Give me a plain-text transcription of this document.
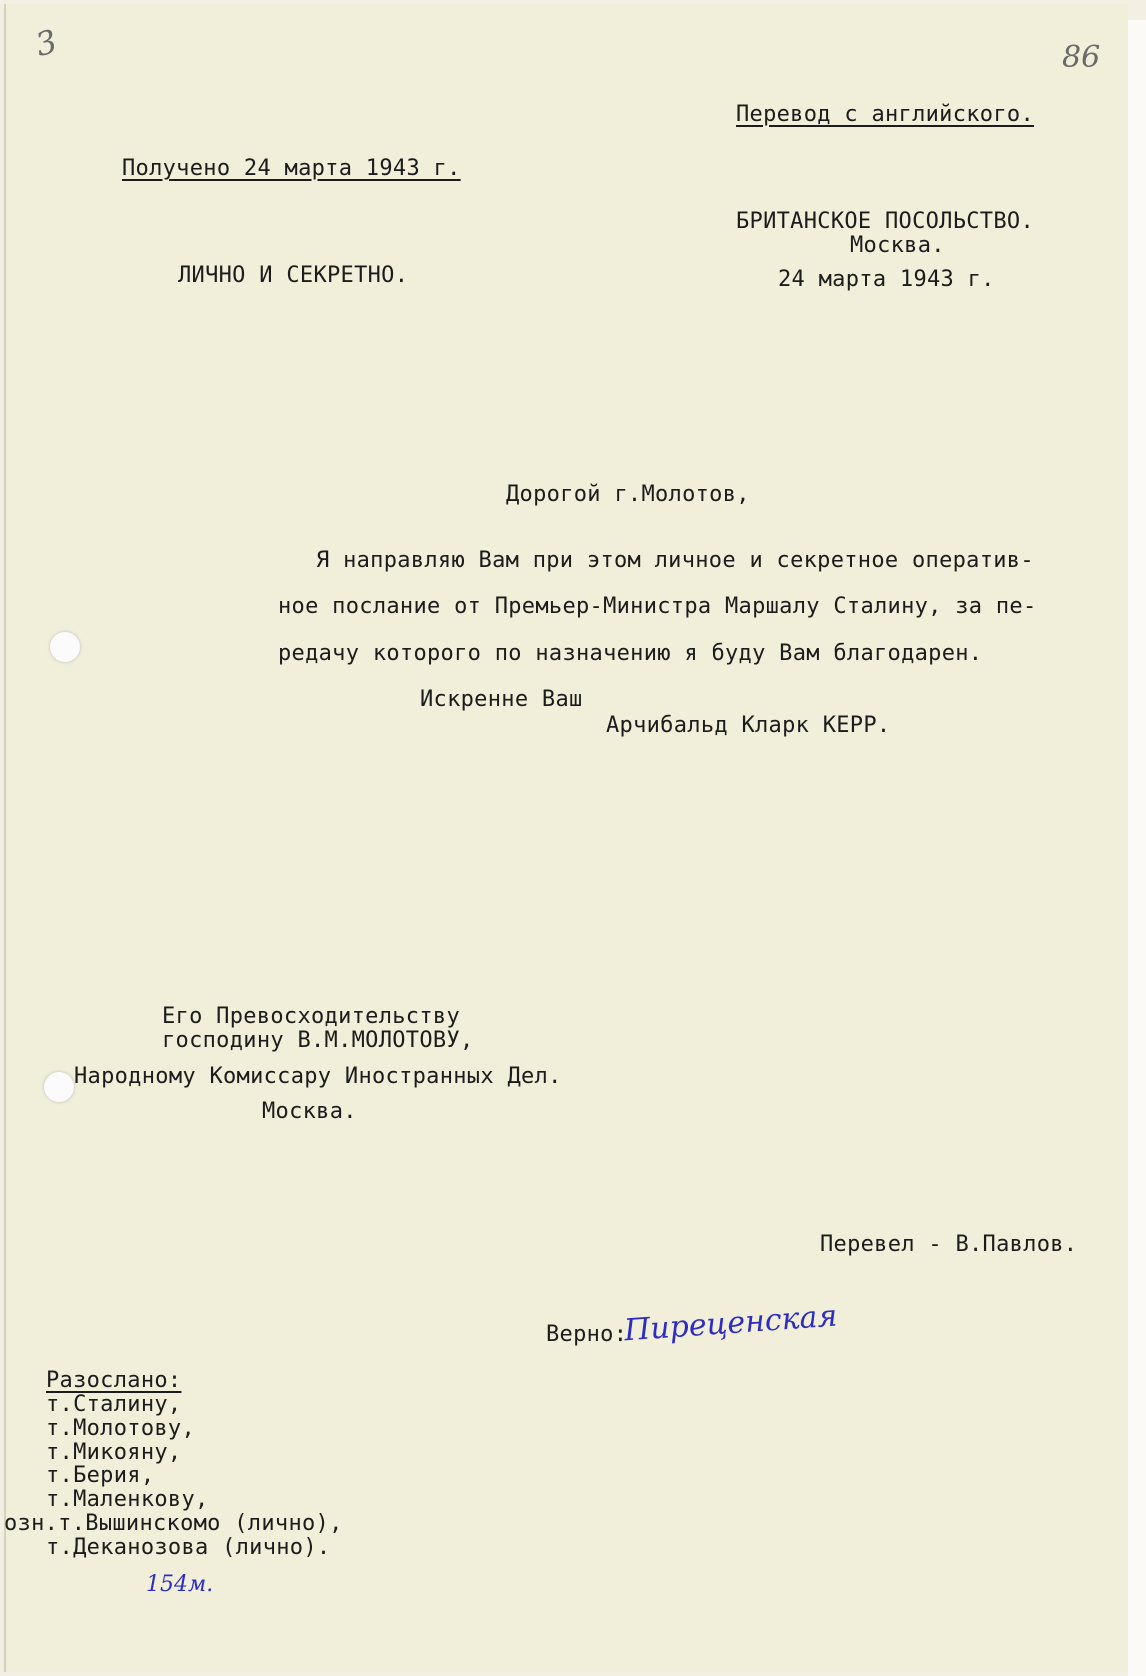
3	86
Перевод с английского.
Получено 24 марта 1943 г.
БРИТАНСКОЕ ПОСОЛЬСТВО.
Москва.
ЛИЧНО И СЕКРЕТНО.	24 марта 1943 г.
Дорогой г.Молотов,
Я направляю Вам при этом личное и секретное оператив-
ное послание от Премьер-Министра Маршалу Сталину, за пе-
редачу которого по назначению я буду Вам благодарен.
Искренне Ваш
Арчибальд Кларк КЕРР.
Его Превосходительству
господину В.М.МОЛОТОВУ,
Народному Комиссару Иностранных Дел.
Москва.
Перевел - В.Павлов.
Верно:
Пиреценская
Разослано:
т.Сталину,
т.Молотову,
т.Микояну,
т.Берия,
т.Маленкову,
озн.т.Вышинскомо (лично),
т.Деканозова (лично).
154м.
